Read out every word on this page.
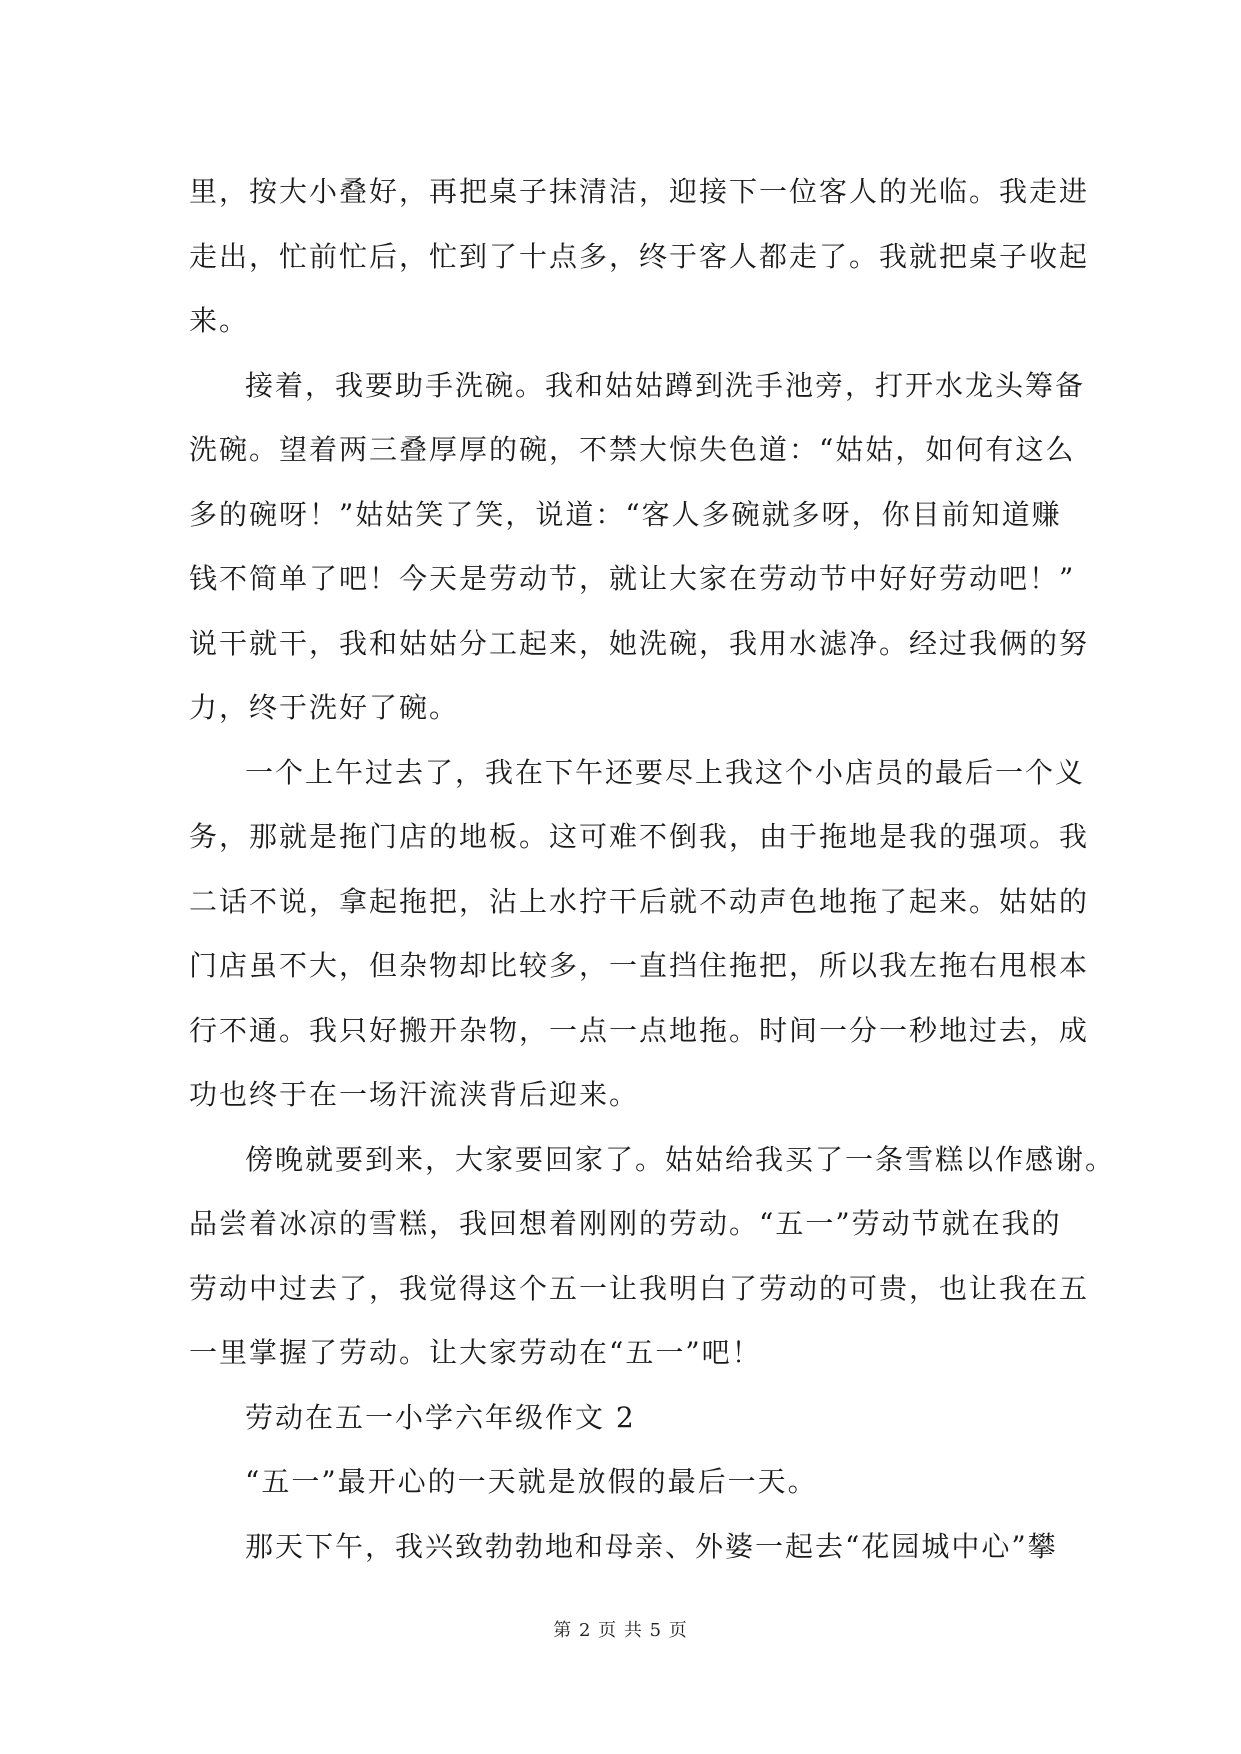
里，按大小叠好，再把桌子抹清洁，迎接下一位客人的光临。我走进
走出，忙前忙后，忙到了十点多，终于客人都走了。我就把桌子收起
来。
接着，我要助手洗碗。我和姑姑蹲到洗手池旁，打开水龙头筹备
洗碗。望着两三叠厚厚的碗，不禁大惊失色道：“姑姑，如何有这么
多的碗呀！”姑姑笑了笑，说道：“客人多碗就多呀，你目前知道赚
钱不简单了吧！今天是劳动节，就让大家在劳动节中好好劳动吧！”
说干就干，我和姑姑分工起来，她洗碗，我用水滤净。经过我俩的努
力，终于洗好了碗。
一个上午过去了，我在下午还要尽上我这个小店员的最后一个义
务，那就是拖门店的地板。这可难不倒我，由于拖地是我的强项。我
二话不说，拿起拖把，沾上水拧干后就不动声色地拖了起来。姑姑的
门店虽不大，但杂物却比较多，一直挡住拖把，所以我左拖右甩根本
行不通。我只好搬开杂物，一点一点地拖。时间一分一秒地过去，成
功也终于在一场汗流浃背后迎来。
傍晚就要到来，大家要回家了。姑姑给我买了一条雪糕以作感谢。
品尝着冰凉的雪糕，我回想着刚刚的劳动。“五一”劳动节就在我的
劳动中过去了，我觉得这个五一让我明白了劳动的可贵，也让我在五
一里掌握了劳动。让大家劳动在“五一”吧！
劳动在五一小学六年级作文 2
“五一”最开心的一天就是放假的最后一天。
那天下午，我兴致勃勃地和母亲、外婆一起去“花园城中心”攀
第 2 页 共 5 页
